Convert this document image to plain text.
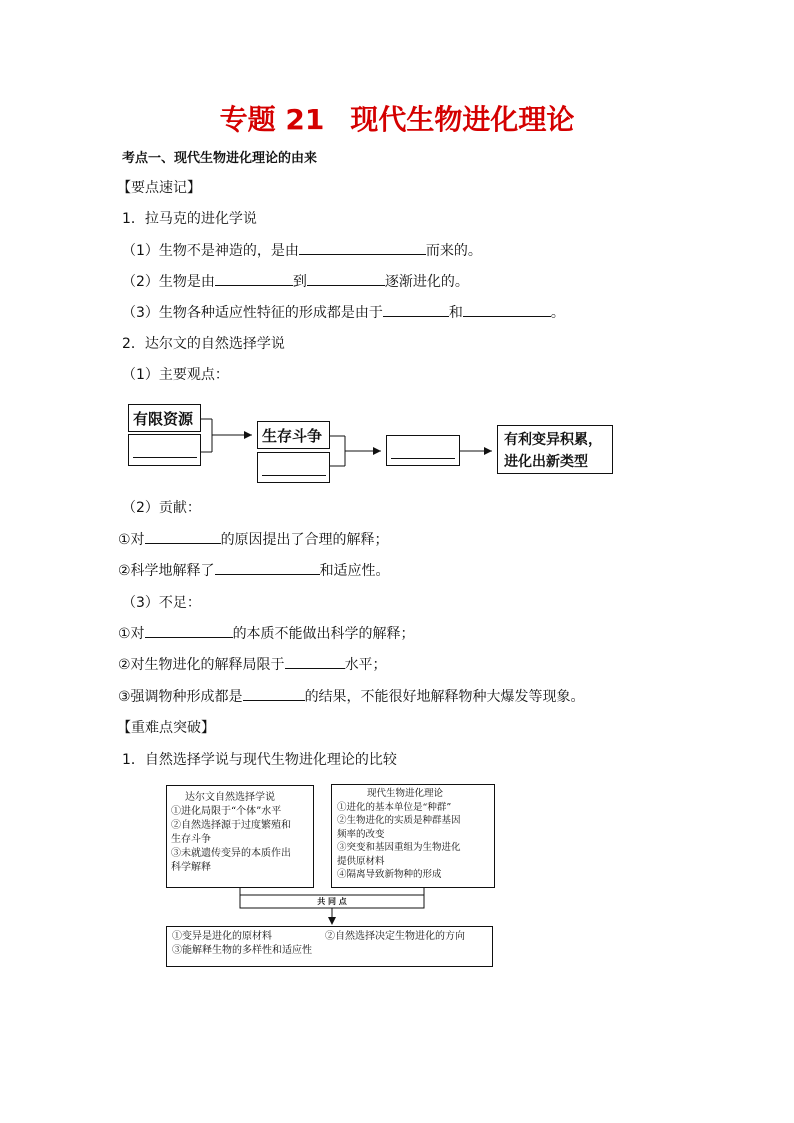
专题 21 现代生物进化理论
考点一、现代生物进化理论的由来
【要点速记】
1．拉马克的进化学说
（1）生物不是神造的，是由	而来的。
（2）生物是由	到	逐渐进化的。
（3）生物各种适应性特征的形成都是由于	和	。
2．达尔文的自然选择学说
（1）主要观点：
有限资源
生存斗争	有利变异积累，
进化出新类型
（2）贡献：
①对	的原因提出了合理的解释；
②科学地解释了	和适应性。
（3）不足：
①对	的本质不能做出科学的解释；
②对生物进化的解释局限于	水平；
③强调物种形成都是	的结果，不能很好地解释物种大爆发等现象。
【重难点突破】
1．自然选择学说与现代生物进化理论的比较
达尔文自然选择学说
①进化局限于“个体”水平
②自然选择源于过度繁殖和
生存斗争
③未就遗传变异的本质作出
科学解释
现代生物进化理论
①进化的基本单位是“种群”
②生物进化的实质是种群基因
频率的改变
③突变和基因重组为生物进化
提供原材料
④隔离导致新物种的形成
共 同 点
①变异是进化的原材料	②自然选择决定生物进化的方向
③能解释生物的多样性和适应性
